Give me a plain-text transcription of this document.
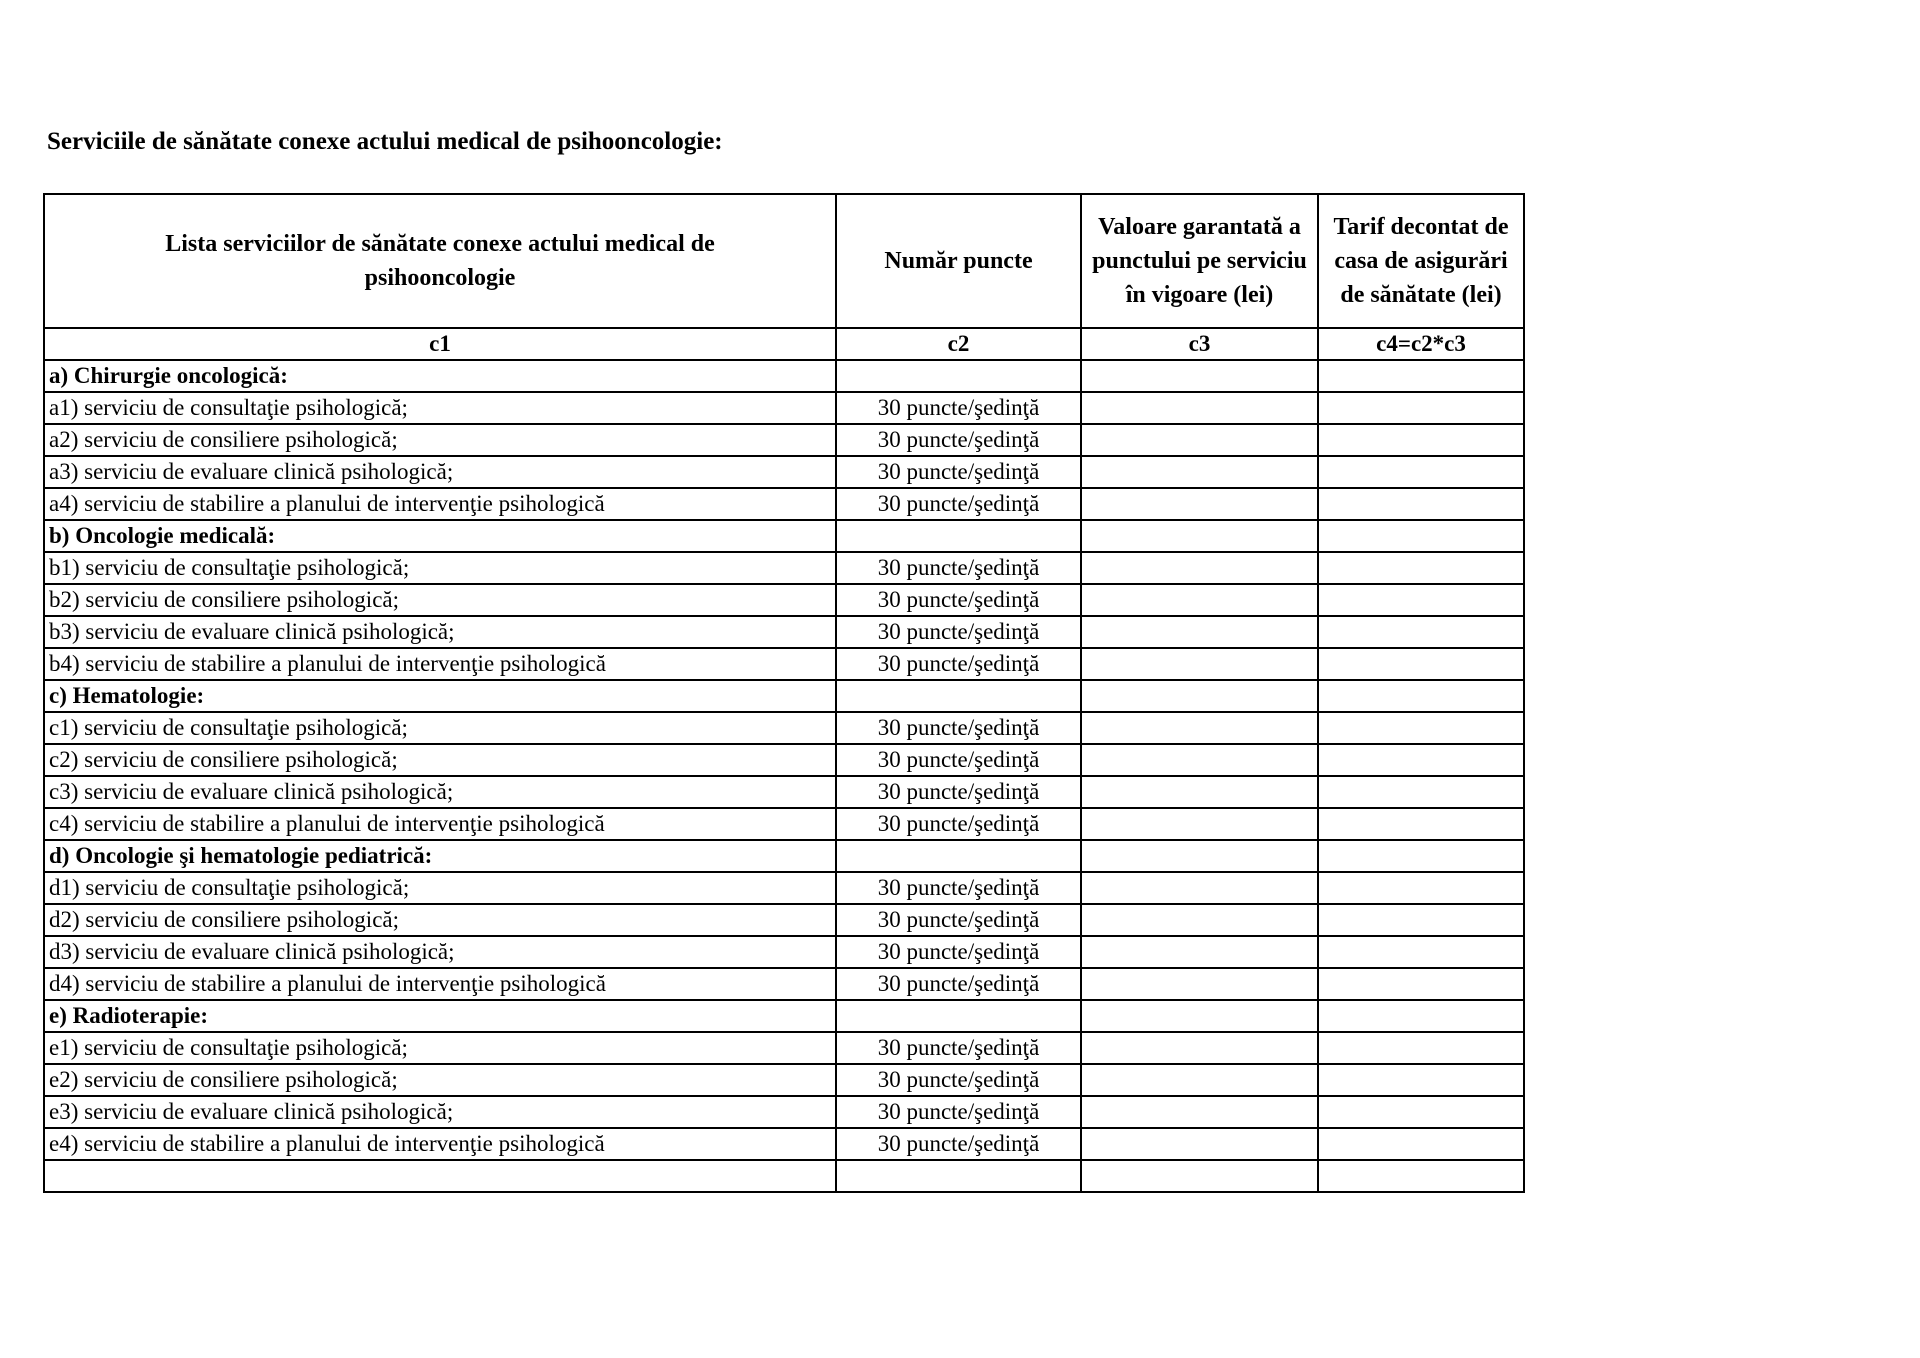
Serviciile de sănătate conexe actului medical de psihooncologie:
Lista serviciilor de sănătate conexe actului medical de psihooncologie	Număr puncte	Valoare garantată a punctului pe serviciu în vigoare (lei)	Tarif decontat de casa de asigurări de sănătate (lei)
c1	c2	c3	c4=c2*c3
a) Chirurgie oncologică:			
a1) serviciu de consultaţie psihologică;	30 puncte/şedinţă		
a2) serviciu de consiliere psihologică;	30 puncte/şedinţă		
a3) serviciu de evaluare clinică psihologică;	30 puncte/şedinţă		
a4) serviciu de stabilire a planului de intervenţie psihologică	30 puncte/şedinţă		
b) Oncologie medicală:			
b1) serviciu de consultaţie psihologică;	30 puncte/şedinţă		
b2) serviciu de consiliere psihologică;	30 puncte/şedinţă		
b3) serviciu de evaluare clinică psihologică;	30 puncte/şedinţă		
b4) serviciu de stabilire a planului de intervenţie psihologică	30 puncte/şedinţă		
c) Hematologie:			
c1) serviciu de consultaţie psihologică;	30 puncte/şedinţă		
c2) serviciu de consiliere psihologică;	30 puncte/şedinţă		
c3) serviciu de evaluare clinică psihologică;	30 puncte/şedinţă		
c4) serviciu de stabilire a planului de intervenţie psihologică	30 puncte/şedinţă		
d) Oncologie şi hematologie pediatrică:			
d1) serviciu de consultaţie psihologică;	30 puncte/şedinţă		
d2) serviciu de consiliere psihologică;	30 puncte/şedinţă		
d3) serviciu de evaluare clinică psihologică;	30 puncte/şedinţă		
d4) serviciu de stabilire a planului de intervenţie psihologică	30 puncte/şedinţă		
e) Radioterapie:			
e1) serviciu de consultaţie psihologică;	30 puncte/şedinţă		
e2) serviciu de consiliere psihologică;	30 puncte/şedinţă		
e3) serviciu de evaluare clinică psihologică;	30 puncte/şedinţă		
e4) serviciu de stabilire a planului de intervenţie psihologică	30 puncte/şedinţă		
